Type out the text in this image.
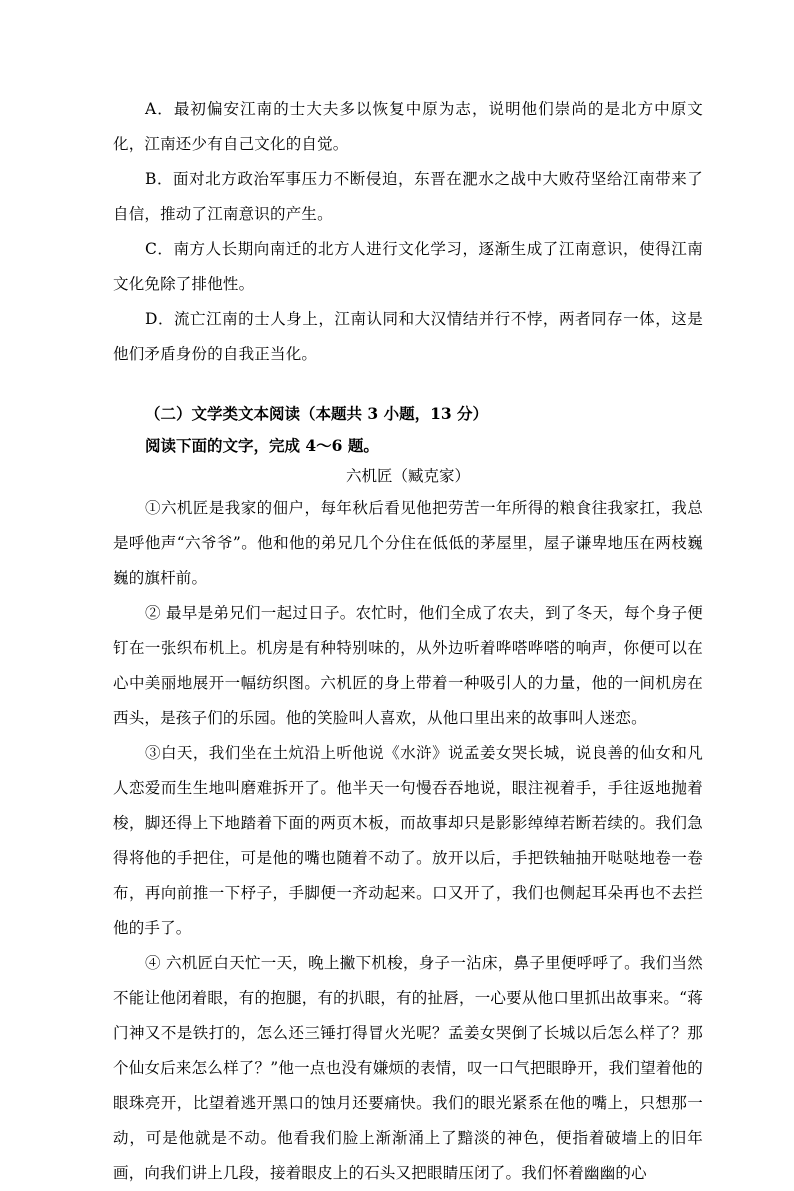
A．最初偏安江南的士大夫多以恢复中原为志，说明他们崇尚的是北方中原文化，江南还少有自己文化的自觉。

B．面对北方政治军事压力不断侵迫，东晋在淝水之战中大败苻坚给江南带来了自信，推动了江南意识的产生。

C．南方人长期向南迁的北方人进行文化学习，逐渐生成了江南意识，使得江南文化免除了排他性。

D．流亡江南的士人身上，江南认同和大汉情结并行不悖，两者同存一体，这是他们矛盾身份的自我正当化。

（二）文学类文本阅读（本题共 3 小题，13 分）

阅读下面的文字，完成 4～6 题。

六机匠（臧克家）

①六机匠是我家的佃户，每年秋后看见他把劳苦一年所得的粮食往我家扛，我总是呼他声“六爷爷”。他和他的弟兄几个分住在低低的茅屋里，屋子谦卑地压在两枝巍巍的旗杆前。

② 最早是弟兄们一起过日子。农忙时，他们全成了农夫，到了冬天，每个身子便钉在一张织布机上。机房是有种特别味的，从外边听着哗嗒哗嗒的响声，你便可以在心中美丽地展开一幅纺织图。六机匠的身上带着一种吸引人的力量，他的一间机房在西头，是孩子们的乐园。他的笑脸叫人喜欢，从他口里出来的故事叫人迷恋。

③白天，我们坐在土炕沿上听他说《水浒》说孟姜女哭长城，说良善的仙女和凡人恋爱而生生地叫磨难拆开了。他半天一句慢吞吞地说，眼注视着手，手往返地抛着梭，脚还得上下地踏着下面的两页木板，而故事却只是影影绰绰若断若续的。我们急得将他的手把住，可是他的嘴也随着不动了。放开以后，手把铁轴抽开哒哒地卷一卷布，再向前推一下杼子，手脚便一齐动起来。口又开了，我们也侧起耳朵再也不去拦他的手了。

④ 六机匠白天忙一天，晚上撇下机梭，身子一沾床，鼻子里便呼呼了。我们当然不能让他闭着眼，有的抱腿，有的扒眼，有的扯唇，一心要从他口里抓出故事来。“蒋门神又不是铁打的，怎么还三锤打得冒火光呢？孟姜女哭倒了长城以后怎么样了？那个仙女后来怎么样了？”他一点也没有嫌烦的表情，叹一口气把眼睁开，我们望着他的眼珠亮开，比望着逃开黑口的蚀月还要痛快。我们的眼光紧系在他的嘴上，只想那一动，可是他就是不动。他看我们脸上渐渐涌上了黯淡的神色，便指着破墙上的旧年画，向我们讲上几段，接着眼皮上的石头又把眼睛压闭了。我们怀着幽幽的心
